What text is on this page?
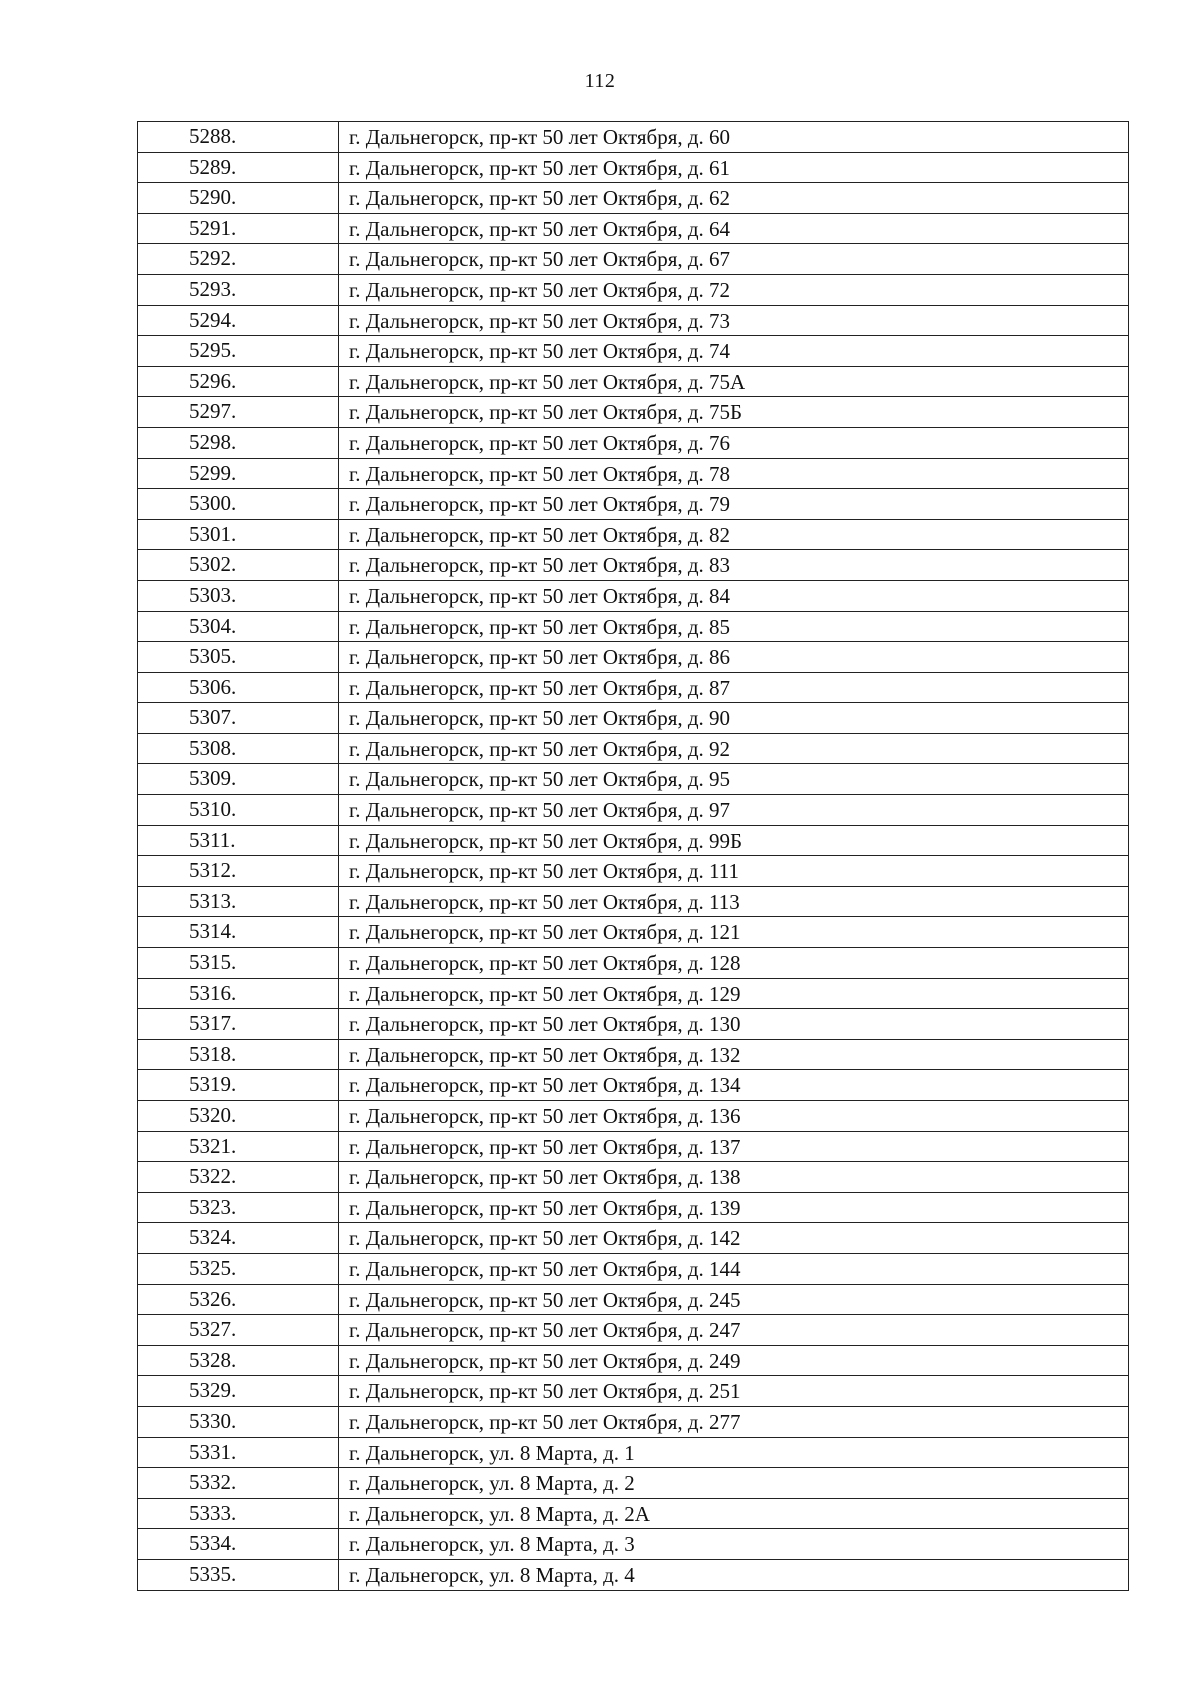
112
5288.	г. Дальнегорск, пр-кт 50 лет Октября, д. 60
5289.	г. Дальнегорск, пр-кт 50 лет Октября, д. 61
5290.	г. Дальнегорск, пр-кт 50 лет Октября, д. 62
5291.	г. Дальнегорск, пр-кт 50 лет Октября, д. 64
5292.	г. Дальнегорск, пр-кт 50 лет Октября, д. 67
5293.	г. Дальнегорск, пр-кт 50 лет Октября, д. 72
5294.	г. Дальнегорск, пр-кт 50 лет Октября, д. 73
5295.	г. Дальнегорск, пр-кт 50 лет Октября, д. 74
5296.	г. Дальнегорск, пр-кт 50 лет Октября, д. 75А
5297.	г. Дальнегорск, пр-кт 50 лет Октября, д. 75Б
5298.	г. Дальнегорск, пр-кт 50 лет Октября, д. 76
5299.	г. Дальнегорск, пр-кт 50 лет Октября, д. 78
5300.	г. Дальнегорск, пр-кт 50 лет Октября, д. 79
5301.	г. Дальнегорск, пр-кт 50 лет Октября, д. 82
5302.	г. Дальнегорск, пр-кт 50 лет Октября, д. 83
5303.	г. Дальнегорск, пр-кт 50 лет Октября, д. 84
5304.	г. Дальнегорск, пр-кт 50 лет Октября, д. 85
5305.	г. Дальнегорск, пр-кт 50 лет Октября, д. 86
5306.	г. Дальнегорск, пр-кт 50 лет Октября, д. 87
5307.	г. Дальнегорск, пр-кт 50 лет Октября, д. 90
5308.	г. Дальнегорск, пр-кт 50 лет Октября, д. 92
5309.	г. Дальнегорск, пр-кт 50 лет Октября, д. 95
5310.	г. Дальнегорск, пр-кт 50 лет Октября, д. 97
5311.	г. Дальнегорск, пр-кт 50 лет Октября, д. 99Б
5312.	г. Дальнегорск, пр-кт 50 лет Октября, д. 111
5313.	г. Дальнегорск, пр-кт 50 лет Октября, д. 113
5314.	г. Дальнегорск, пр-кт 50 лет Октября, д. 121
5315.	г. Дальнегорск, пр-кт 50 лет Октября, д. 128
5316.	г. Дальнегорск, пр-кт 50 лет Октября, д. 129
5317.	г. Дальнегорск, пр-кт 50 лет Октября, д. 130
5318.	г. Дальнегорск, пр-кт 50 лет Октября, д. 132
5319.	г. Дальнегорск, пр-кт 50 лет Октября, д. 134
5320.	г. Дальнегорск, пр-кт 50 лет Октября, д. 136
5321.	г. Дальнегорск, пр-кт 50 лет Октября, д. 137
5322.	г. Дальнегорск, пр-кт 50 лет Октября, д. 138
5323.	г. Дальнегорск, пр-кт 50 лет Октября, д. 139
5324.	г. Дальнегорск, пр-кт 50 лет Октября, д. 142
5325.	г. Дальнегорск, пр-кт 50 лет Октября, д. 144
5326.	г. Дальнегорск, пр-кт 50 лет Октября, д. 245
5327.	г. Дальнегорск, пр-кт 50 лет Октября, д. 247
5328.	г. Дальнегорск, пр-кт 50 лет Октября, д. 249
5329.	г. Дальнегорск, пр-кт 50 лет Октября, д. 251
5330.	г. Дальнегорск, пр-кт 50 лет Октября, д. 277
5331.	г. Дальнегорск, ул. 8 Марта, д. 1
5332.	г. Дальнегорск, ул. 8 Марта, д. 2
5333.	г. Дальнегорск, ул. 8 Марта, д. 2А
5334.	г. Дальнегорск, ул. 8 Марта, д. 3
5335.	г. Дальнегорск, ул. 8 Марта, д. 4
